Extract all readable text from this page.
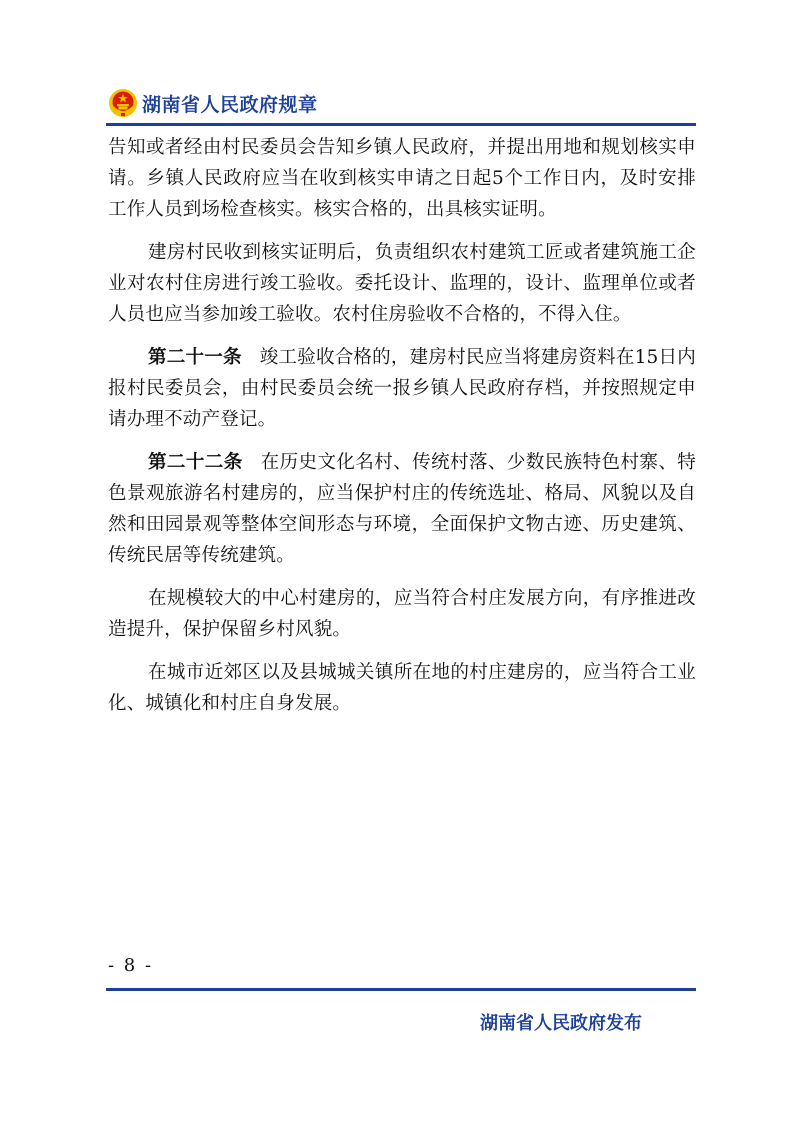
湖南省人民政府规章

告知或者经由村民委员会告知乡镇人民政府，并提出用地和规划核实申请。乡镇人民政府应当在收到核实申请之日起5个工作日内，及时安排工作人员到场检查核实。核实合格的，出具核实证明。

建房村民收到核实证明后，负责组织农村建筑工匠或者建筑施工企业对农村住房进行竣工验收。委托设计、监理的，设计、监理单位或者人员也应当参加竣工验收。农村住房验收不合格的，不得入住。

第二十一条 竣工验收合格的，建房村民应当将建房资料在15日内报村民委员会，由村民委员会统一报乡镇人民政府存档，并按照规定申请办理不动产登记。

第二十二条 在历史文化名村、传统村落、少数民族特色村寨、特色景观旅游名村建房的，应当保护村庄的传统选址、格局、风貌以及自然和田园景观等整体空间形态与环境，全面保护文物古迹、历史建筑、传统民居等传统建筑。

在规模较大的中心村建房的，应当符合村庄发展方向，有序推进改造提升，保护保留乡村风貌。

在城市近郊区以及县城城关镇所在地的村庄建房的，应当符合工业化、城镇化和村庄自身发展。

- 8 -
湖南省人民政府发布
